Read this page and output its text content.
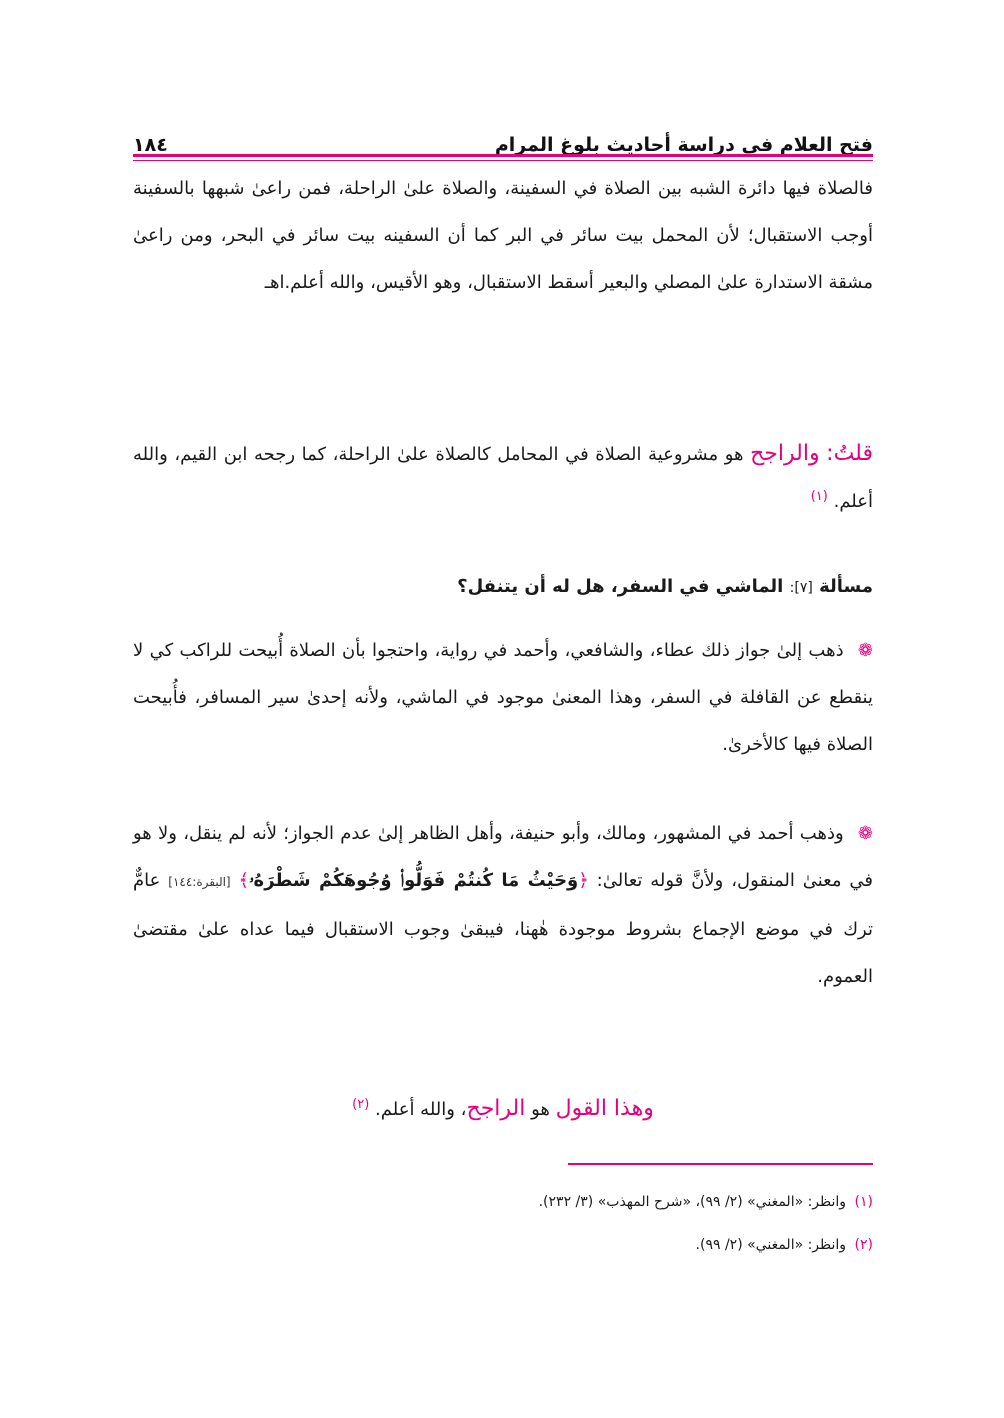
فتح العلام في دراسة أحاديث بلوغ المرام
١٨٤
فالصلاة فيها دائرة الشبه بين الصلاة في السفينة، والصلاة علىٰ الراحلة، فمن راعىٰ شبهها بالسفينة أوجب الاستقبال؛ لأن المحمل بيت سائر في البر كما أن السفينه بيت سائر في البحر، ومن راعىٰ مشقة الاستدارة علىٰ المصلي والبعير أسقط الاستقبال، وهو الأقيس، والله أعلم.اهـ
قلتُ: والراجح هو مشروعية الصلاة في المحامل كالصلاة علىٰ الراحلة، كما رجحه ابن القيم، والله أعلم. $^{(١)}$
مسألة [٧]: الماشي في السفر، هل له أن يتنفل؟
❁ ذهب إلىٰ جواز ذلك عطاء، والشافعي، وأحمد في رواية، واحتجوا بأن الصلاة أُبيحت للراكب كي لا ينقطع عن القافلة في السفر، وهذا المعنىٰ موجود في الماشي، ولأنه إحدىٰ سير المسافر، فأُبيحت الصلاة فيها كالأخرىٰ.
❁ وذهب أحمد في المشهور، ومالك، وأبو حنيفة، وأهل الظاهر إلىٰ عدم الجواز؛ لأنه لم ينقل، ولا هو في معنىٰ المنقول، ولأنَّ قوله تعالىٰ: ﴿وَحَيْثُ مَا كُنتُمْ فَوَلُّوا۟ وُجُوهَكُمْ شَطْرَهُۥ﴾ [البقرة:١٤٤] عامٌّ ترك في موضع الإجماع بشروط موجودة هٰهنا، فيبقىٰ وجوب الاستقبال فيما عداه علىٰ مقتضىٰ العموم.
وهذا القول هو الراجح، والله أعلم. $^{(٢)}$
(١) وانظر: «المغني» (٢/ ٩٩)، «شرح المهذب» (٣/ ٢٣٢).
(٢) وانظر: «المغني» (٢/ ٩٩).
